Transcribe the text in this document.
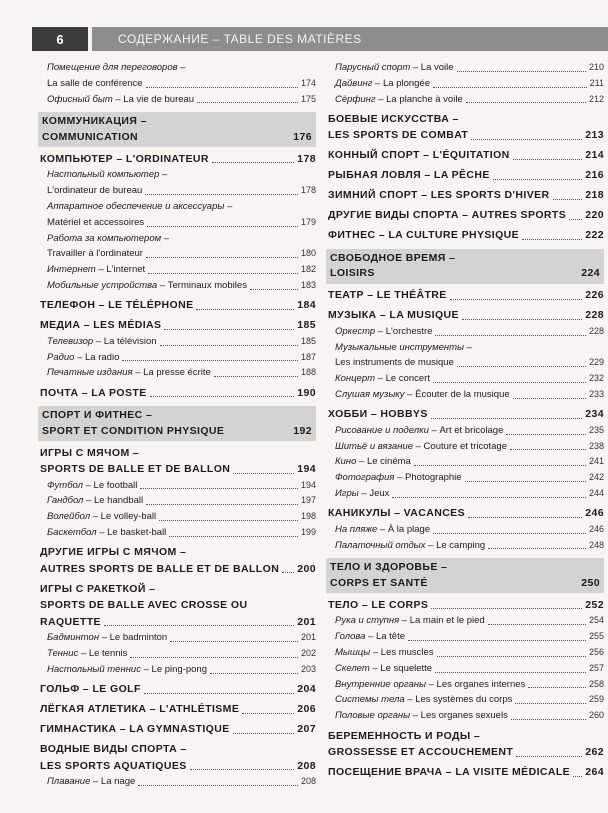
6	СОДЕРЖАНИЕ – TABLE DES MATIÈRES
Помещение для переговоров –
La salle de conférence	174
Офисный быт – La vie de bureau	175
КОММУНИКАЦИЯ –
COMMUNICATION	176
КОМПЬЮТЕР – L'ORDINATEUR	178
Настольный компьютер –
L'ordinateur de bureau	178
Аппаратное обеспечение и аксессуары –
Matériel et accessoires	179
Работа за компьютером –
Travailler à l'ordinateur	180
Интернет – L'internet	182
Мобильные устройства – Terminaux mobiles	183
ТЕЛЕФОН – LE TÉLÉPHONE	184
МЕДИА – LES MÉDIAS	185
Телевизор – La télévision	185
Радио – La radio	187
Печатные издания – La presse écrite	188
ПОЧТА – LA POSTE	190
СПОРТ И ФИТНЕС –
SPORT ET CONDITION PHYSIQUE	192
ИГРЫ С МЯЧОМ –
SPORTS DE BALLE ET DE BALLON	194
Футбол – Le football	194
Гандбол – Le handball	197
Волейбол – Le volley-ball	198
Баскетбол – Le basket-ball	199
ДРУГИЕ ИГРЫ С МЯЧОМ –
AUTRES SPORTS DE BALLE ET DE BALLON 200
ИГРЫ С РАКЕТКОЙ –
SPORTS DE BALLE AVEC CROSSE OU
RAQUETTE	201
Бадминтон – Le badminton	201
Теннис – Le tennis	202
Настольный теннис – Le ping-pong	203
ГОЛЬФ – LE GOLF	204
ЛЁГКАЯ АТЛЕТИКА – L'ATHLÉTISME	206
ГИМНАСТИКА – LA GYMNASTIQUE	207
ВОДНЫЕ ВИДЫ СПОРТА –
LES SPORTS AQUATIQUES	208
Плавание – La nage	208
Парусный спорт – La voile	210
Дайвинг – La plongée	211
Сёрфинг – La planche à voile	212
БОЕВЫЕ ИСКУССТВА –
LES SPORTS DE COMBAT	213
КОННЫЙ СПОРТ – L'ÉQUITATION	214
РЫБНАЯ ЛОВЛЯ – LA PÊCHE	216
ЗИМНИЙ СПОРТ – LES SPORTS D'HIVER	218
ДРУГИЕ ВИДЫ СПОРТА – AUTRES SPORTS 220
ФИТНЕС – LA CULTURE PHYSIQUE	222
СВОБОДНОЕ ВРЕМЯ –
LOISIRS	224
ТЕАТР – LE THÉÂTRE	226
МУЗЫКА – LA MUSIQUE	228
Оркестр – L'orchestre	228
Музыкальные инструменты –
Les instruments de musique	229
Концерт – Le concert	232
Слушая музыку – Écouter de la musique	233
ХОББИ – HOBBYS	234
Рисование и поделки – Art et bricolage	235
Шитьё и вязание – Couture et tricotage	238
Кино – Le cinéma	241
Фотография – Photographie	242
Игры – Jeux	244
КАНИКУЛЫ – VACANCES	246
На пляже – À la plage	246
Палаточный отдых – Le camping	248
ТЕЛО И ЗДОРОВЬЕ –
CORPS ET SANTÉ	250
ТЕЛО – LE CORPS	252
Рука и ступня – La main et le pied	254
Голова – La tête	255
Мышцы – Les muscles	256
Скелет – Le squelette	257
Внутренние органы – Les organes internes	258
Системы тела – Les systèmes du corps	259
Половые органы – Les organes sexuels	260
БЕРЕМЕННОСТЬ И РОДЫ –
GROSSESSE ET ACCOUCHEMENT	262
ПОСЕЩЕНИЕ ВРАЧА – LA VISITE MÉDICALE 264
